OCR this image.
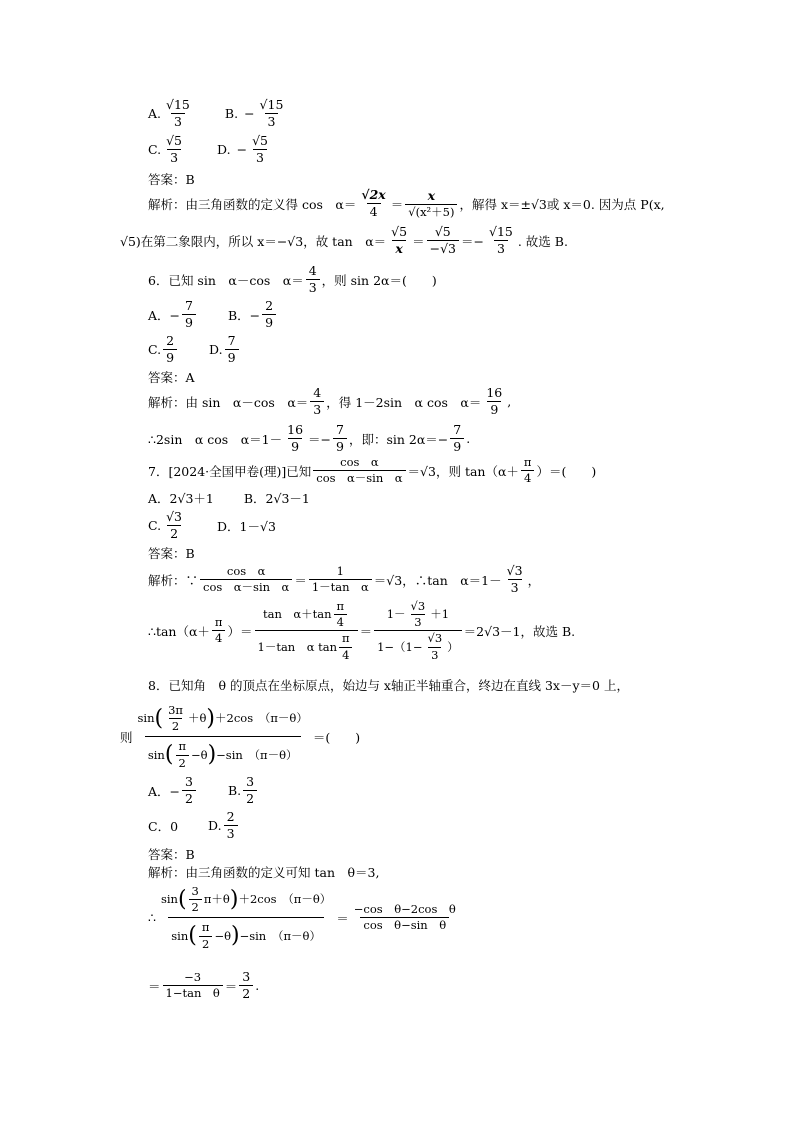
A.
√15
3
B. − $\frac{√15}{3}$
C.
√5
3
D. − $\frac{√5}{3}$
答案：B
解析：由三角函数的定义得 cos　α＝
√2x
4 ＝
x
√(x²＋5)
，解得 x＝±√3或 x＝0. 因为点 P(x,
√5)在第二象限内，所以 x＝−√3，故 tan　α＝
√5
x ＝
√5
$-√3 =- \frac{√15}{3}$ . 故选 B.
6．已知 sin　α－cos　α＝
4
3 ，则 sin 2α＝(　　)
A．− $\frac{7}{9}$	B．− $\frac{2}{9}$
C.
2
9
D.
7
9
答案：A
解析：由 sin　α－cos　α＝
4
3 ，得 1－2sin　α cos　α＝
16
9
,
∴2sin　α cos　α＝1－
16
$9 =- \frac{7}{9}$ ，即：$\sin 2\alpha=- \frac{7}{9}$ .
7．[2024·全国甲卷(理)]已知
cos　α
cos　α－sin　α ＝√3，则 tan（α＋
π
4 ）＝(　　)
A．2√3＋1 B．2√3－1
C.
√3
2	D．1－√3
答案：B
解析：∵
cos　α
cos　α－sin　α ＝
1
1－tan　α ＝√3，∴tan　α＝1－
√3
3 ，
∴tan（α＋
π
4 ）＝
tan　α＋tan
π
4
1－tan　α tan
π
4
＝
1－
√3
3
＋1
$1-(1- \frac{√3}{3}$ ）
＝2√3－1，故选 B.
8．已知角　θ 的顶点在坐标原点，始边与 x轴正半轴重合，终边在直线 3x－y＝0 上，
则
sin ( 3π
2
＋θ ) ＋2cos　（π－θ）
sin ( π
2
−θ ) −sin　（π－θ）
＝(　　)
A．− $\frac{3}{2}$	B.
3
2
C．0 D.
2
3
答案：B
解析：由三角函数的定义可知 tan　θ＝3,
∴
sin ( 3
2
π＋θ ) ＋2cos　（π－θ）
sin ( π
2
−θ ) −sin　（π－θ）
＝
−cos　θ−2cos　θ
cos　θ−sin　θ
＝
−3
1−tan　θ ＝
3
2
.
